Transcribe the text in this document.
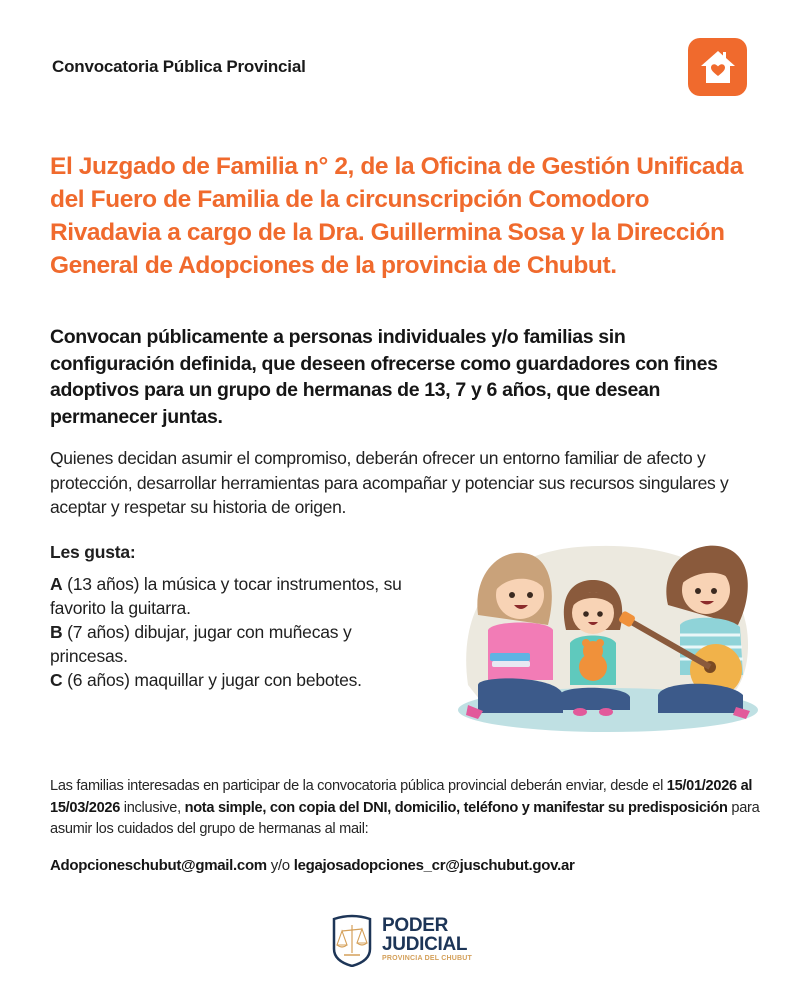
Convocatoria Pública Provincial
El Juzgado de Familia n° 2, de la Oficina de Gestión Unificada del Fuero de Familia de la circunscripción Comodoro Rivadavia a cargo de la Dra. Guillermina Sosa y la Dirección General de Adopciones de la provincia de Chubut.
Convocan públicamente a personas individuales y/o familias sin configuración definida, que deseen ofrecerse como guardadores con fines adoptivos para un grupo de hermanas de 13, 7 y 6 años, que desean permanecer juntas.
Quienes decidan asumir el compromiso, deberán ofrecer un entorno familiar de afecto y protección, desarrollar herramientas para acompañar y potenciar sus recursos singulares y aceptar y respetar su historia de origen.
Les gusta:
A (13 años) la música y tocar instrumentos, su favorito la guitarra.
B (7 años) dibujar, jugar con muñecas y princesas.
C (6 años) maquillar y jugar con bebotes.
Las familias interesadas en participar de la convocatoria pública provincial deberán enviar, desde el 15/01/2026 al 15/03/2026 inclusive, nota simple, con copia del DNI, domicilio, teléfono y manifestar su predisposición para asumir los cuidados del grupo de hermanas al mail:
Adopcioneschubut@gmail.com y/o legajosadopciones_cr@juschubut.gov.ar
PODER
JUDICIAL
PROVINCIA DEL CHUBUT
